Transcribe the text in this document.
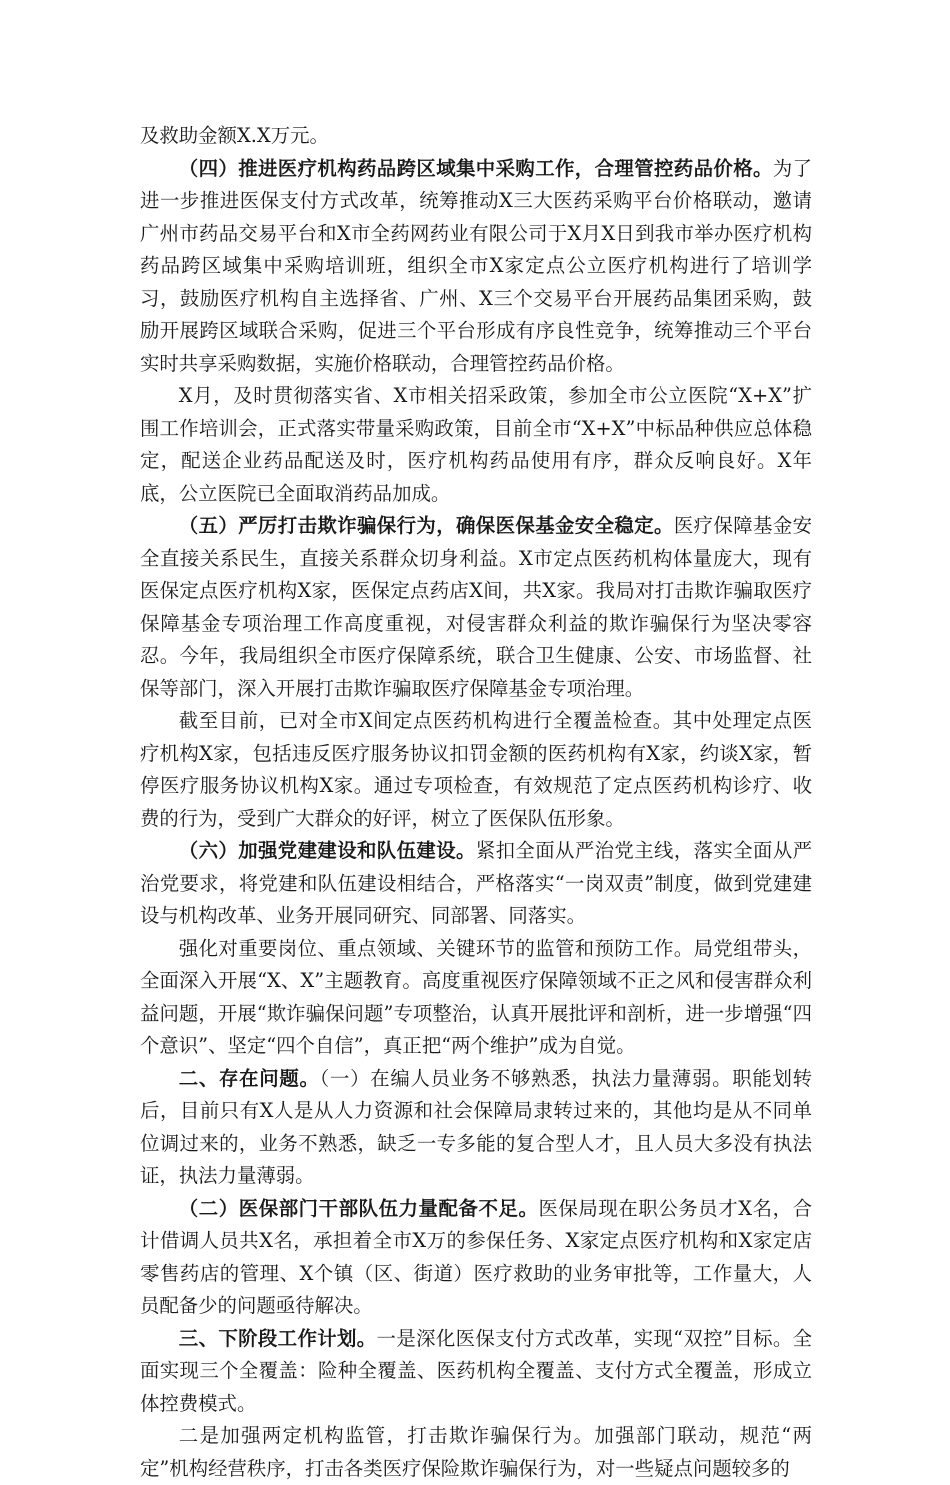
及救助金额X.X万元。

（四）推进医疗机构药品跨区域集中采购工作，合理管控药品价格。为了进一步推进医保支付方式改革，统筹推动X三大医药采购平台价格联动，邀请广州市药品交易平台和X市全药网药业有限公司于X月X日到我市举办医疗机构药品跨区域集中采购培训班，组织全市X家定点公立医疗机构进行了培训学习，鼓励医疗机构自主选择省、广州、X三个交易平台开展药品集团采购，鼓励开展跨区域联合采购，促进三个平台形成有序良性竞争，统筹推动三个平台实时共享采购数据，实施价格联动，合理管控药品价格。

X月，及时贯彻落实省、X市相关招采政策，参加全市公立医院“X+X”扩围工作培训会，正式落实带量采购政策，目前全市“X+X”中标品种供应总体稳定，配送企业药品配送及时，医疗机构药品使用有序，群众反响良好。X年底，公立医院已全面取消药品加成。

（五）严厉打击欺诈骗保行为，确保医保基金安全稳定。医疗保障基金安全直接关系民生，直接关系群众切身利益。X市定点医药机构体量庞大，现有医保定点医疗机构X家，医保定点药店X间，共X家。我局对打击欺诈骗取医疗保障基金专项治理工作高度重视，对侵害群众利益的欺诈骗保行为坚决零容忍。今年，我局组织全市医疗保障系统，联合卫生健康、公安、市场监督、社保等部门，深入开展打击欺诈骗取医疗保障基金专项治理。

截至目前，已对全市X间定点医药机构进行全覆盖检查。其中处理定点医疗机构X家，包括违反医疗服务协议扣罚金额的医药机构有X家，约谈X家，暂停医疗服务协议机构X家。通过专项检查，有效规范了定点医药机构诊疗、收费的行为，受到广大群众的好评，树立了医保队伍形象。

（六）加强党建建设和队伍建设。紧扣全面从严治党主线，落实全面从严治党要求，将党建和队伍建设相结合，严格落实“一岗双责”制度，做到党建建设与机构改革、业务开展同研究、同部署、同落实。

强化对重要岗位、重点领域、关键环节的监管和预防工作。局党组带头，全面深入开展“X、X”主题教育。高度重视医疗保障领域不正之风和侵害群众利益问题，开展“欺诈骗保问题”专项整治，认真开展批评和剖析，进一步增强“四个意识”、坚定“四个自信”，真正把“两个维护”成为自觉。

二、存在问题。（一）在编人员业务不够熟悉，执法力量薄弱。职能划转后，目前只有X人是从人力资源和社会保障局隶转过来的，其他均是从不同单位调过来的，业务不熟悉，缺乏一专多能的复合型人才，且人员大多没有执法证，执法力量薄弱。

（二）医保部门干部队伍力量配备不足。医保局现在职公务员才X名，合计借调人员共X名，承担着全市X万的参保任务、X家定点医疗机构和X家定店零售药店的管理、X个镇（区、街道）医疗救助的业务审批等，工作量大，人员配备少的问题亟待解决。

三、下阶段工作计划。一是深化医保支付方式改革，实现“双控”目标。全面实现三个全覆盖：险种全覆盖、医药机构全覆盖、支付方式全覆盖，形成立体控费模式。

二是加强两定机构监管，打击欺诈骗保行为。加强部门联动，规范“两定”机构经营秩序，打击各类医疗保险欺诈骗保行为，对一些疑点问题较多的
